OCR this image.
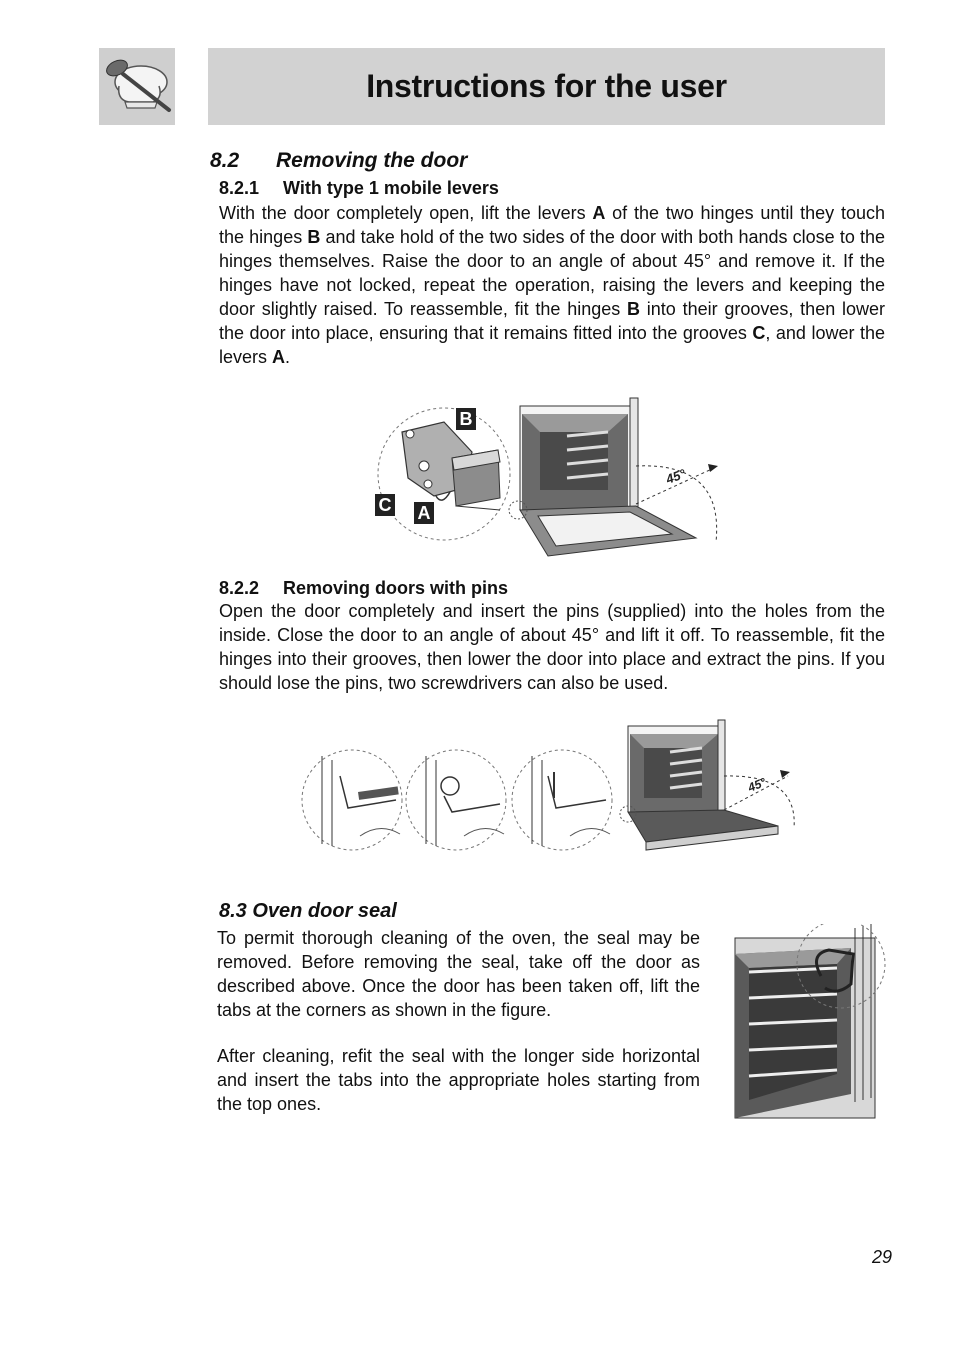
Instructions for the user
8.2 Removing the door
8.2.1 With type 1 mobile levers

With the door completely open, lift the levers A of the two hinges until they touch the hinges B and take hold of the two sides of the door with both hands close to the hinges themselves. Raise the door to an angle of about 45° and remove it. If the hinges have not locked, repeat the operation, raising the levers and keeping the door slightly raised. To reassemble, fit the hinges B into their grooves, then lower the door into place, ensuring that it remains fitted into the grooves C, and lower the levers A.

B
C A
45°
8.2.2 Removing doors with pins

Open the door completely and insert the pins (supplied) into the holes from the inside. Close the door to an angle of about 45° and lift it off. To reassemble, fit the hinges into their grooves, then lower the door into place and extract the pins. If you should lose the pins, two screwdrivers can also be used.

45°
8.3 Oven door seal

To permit thorough cleaning of the oven, the seal may be removed. Before removing the seal, take off the door as described above. Once the door has been taken off, lift the tabs at the corners as shown in the figure.

After cleaning, refit the seal with the longer side horizontal and insert the tabs into the appropriate holes starting from the top ones.

29
